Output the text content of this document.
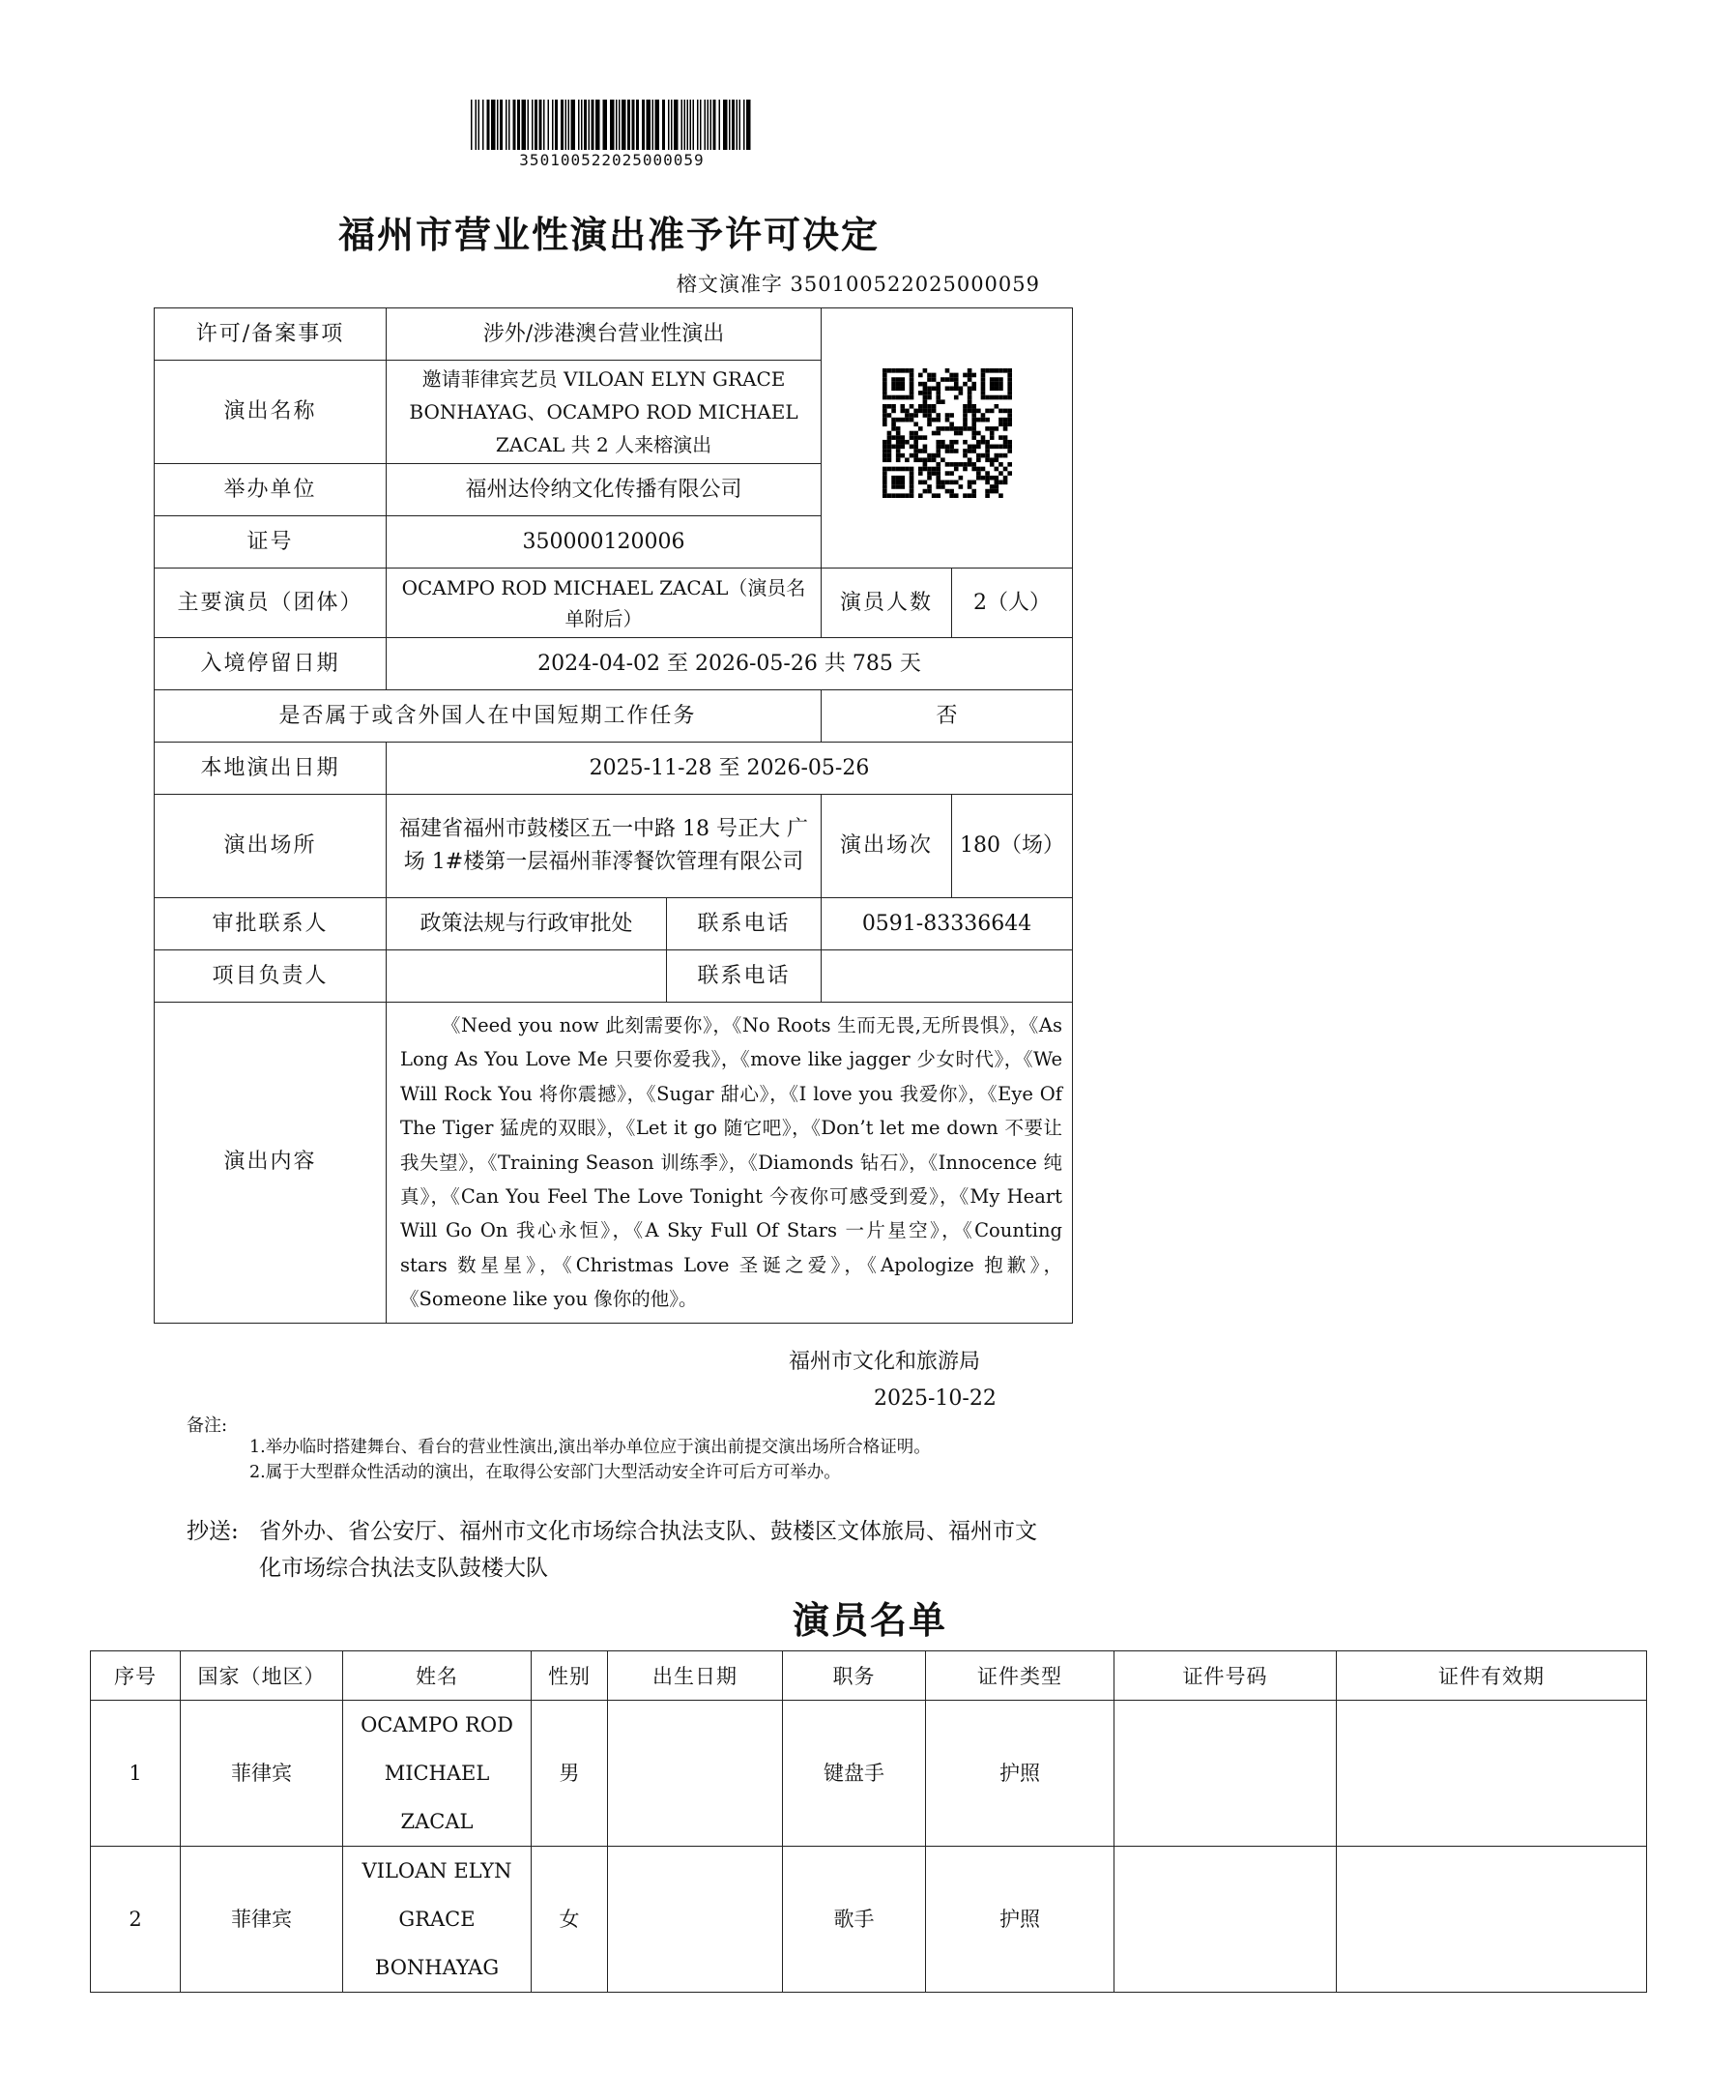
350100522025000059
福州市营业性演出准予许可决定
榕文演准字 350100522025000059
许可/备案事项	涉外/涉港澳台营业性演出	
演出名称	邀请菲律宾艺员 VILOAN ELYN GRACE BONHAYAG、OCAMPO ROD MICHAEL ZACAL 共 2 人来榕演出			
举办单位	福州达伶纳文化传播有限公司			
证号	350000120006			
主要演员（团体）	OCAMPO ROD MICHAEL ZACAL（演员名单附后）		演员人数	2（人）
入境停留日期	2024-04-02 至 2026-05-26 共 785 天			
是否属于或含外国人在中国短期工作任务			否	
本地演出日期	2025-11-28 至 2026-05-26			
演出场所	福建省福州市鼓楼区五一中路 18 号正大 广场 1#楼第一层福州菲澪餐饮管理有限公司		演出场次	180（场）
审批联系人	政策法规与行政审批处	联系电话	0591-83336644	
项目负责人		联系电话		
演出内容	《Need you now 此刻需要你》，《No Roots 生而无畏,无所畏惧》，《As Long As You Love Me 只要你爱我》，《move like jagger 少女时代》，《We Will Rock You 将你震撼》，《Sugar 甜心》，《I love you 我爱你》，《Eye Of The Tiger 猛虎的双眼》，《Let it go 随它吧》，《Don’t let me down 不要让我失望》，《Training Season 训练季》，《Diamonds 钻石》，《Innocence 纯真》，《Can You Feel The Love Tonight 今夜你可感受到爱》，《My Heart Will Go On 我心永恒》，《A Sky Full Of Stars 一片星空》，《Counting stars 数星星》，《Christmas Love 圣诞之爱》，《Apologize 抱歉》，《Someone like you 像你的他》。			
福州市文化和旅游局
2025-10-22
备注:
1.举办临时搭建舞台、看台的营业性演出,演出举办单位应于演出前提交演出场所合格证明。
2.属于大型群众性活动的演出，在取得公安部门大型活动安全许可后方可举办。
抄送: 省外办、省公安厅、福州市文化市场综合执法支队、鼓楼区文体旅局、福州市文化市场综合执法支队鼓楼大队
演员名单
序号	国家（地区）	姓名	性别	出生日期	职务	证件类型	证件号码	证件有效期
1	菲律宾	OCAMPO ROD MICHAEL ZACAL	男		键盘手	护照		
2	菲律宾	VILOAN ELYN GRACE BONHAYAG	女		歌手	护照		
